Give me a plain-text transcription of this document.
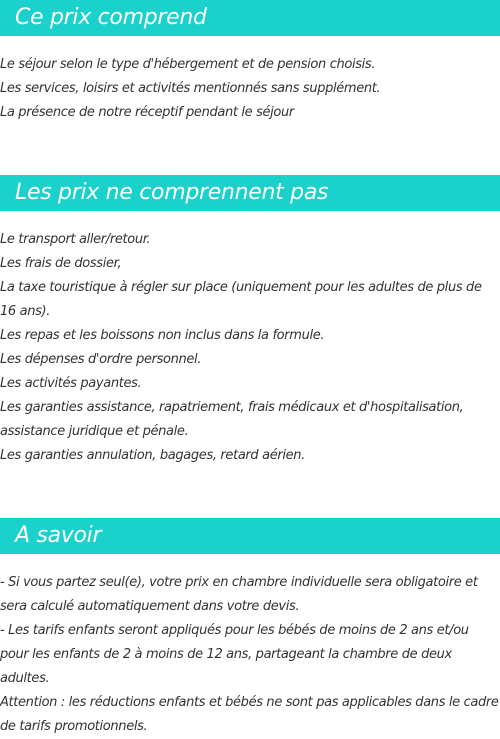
Ce prix comprend
Le séjour selon le type d'hébergement et de pension choisis.
Les services, loisirs et activités mentionnés sans supplément.
La présence de notre réceptif pendant le séjour
Les prix ne comprennent pas
Le transport aller/retour.
Les frais de dossier,
La taxe touristique à régler sur place (uniquement pour les adultes de plus de 16 ans).
Les repas et les boissons non inclus dans la formule.
Les dépenses d'ordre personnel.
Les activités payantes.
Les garanties assistance, rapatriement, frais médicaux et d'hospitalisation, assistance juridique et pénale.
Les garanties annulation, bagages, retard aérien.
A savoir
- Si vous partez seul(e), votre prix en chambre individuelle sera obligatoire et sera calculé automatiquement dans votre devis.
- Les tarifs enfants seront appliqués pour les bébés de moins de 2 ans et/ou pour les enfants de 2 à moins de 12 ans, partageant la chambre de deux adultes.
Attention : les réductions enfants et bébés ne sont pas applicables dans le cadre de tarifs promotionnels.
